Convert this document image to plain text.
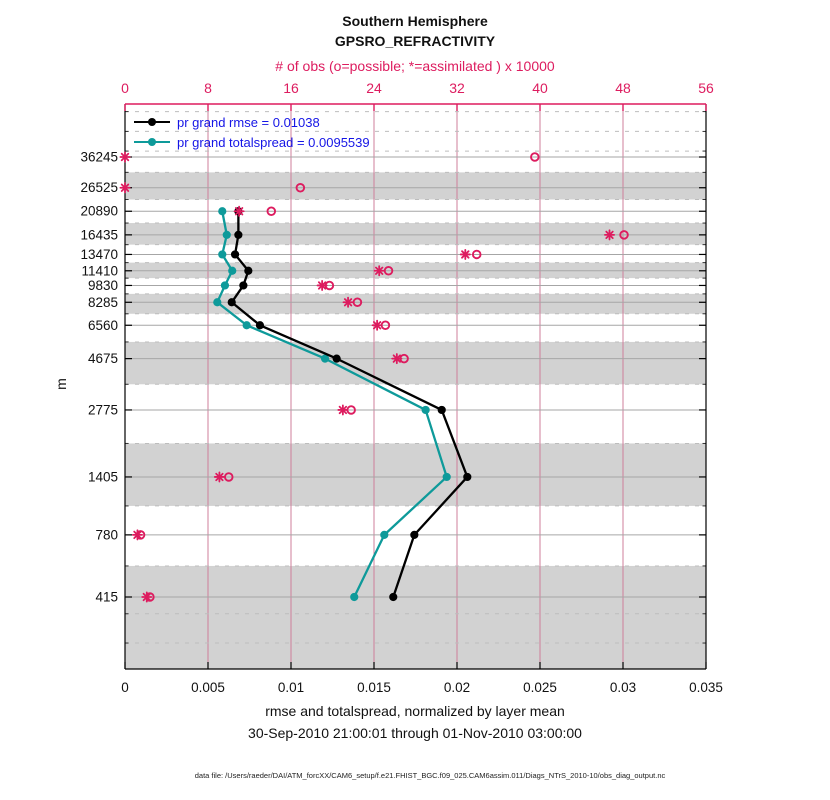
0
0
0.005
8
0.01
16
0.015
24
0.02
32
0.025
40
0.03
48
0.035
56
36245
26525
20890
16435
13470
11410
9830
8285
6560
4675
2775
1405
780
415
Southern Hemisphere
GPSRO_REFRACTIVITY
# of obs (o=possible; *=assimilated ) x 10000
pr grand rmse = 0.01038
pr grand totalspread = 0.0095539
rmse and totalspread, normalized by layer mean
30-Sep-2010 21:00:01 through 01-Nov-2010 03:00:00
m
data file: /Users/raeder/DAI/ATM_forcXX/CAM6_setup/f.e21.FHIST_BGC.f09_025.CAM6assim.011/Diags_NTrS_2010-10/obs_diag_output.nc
